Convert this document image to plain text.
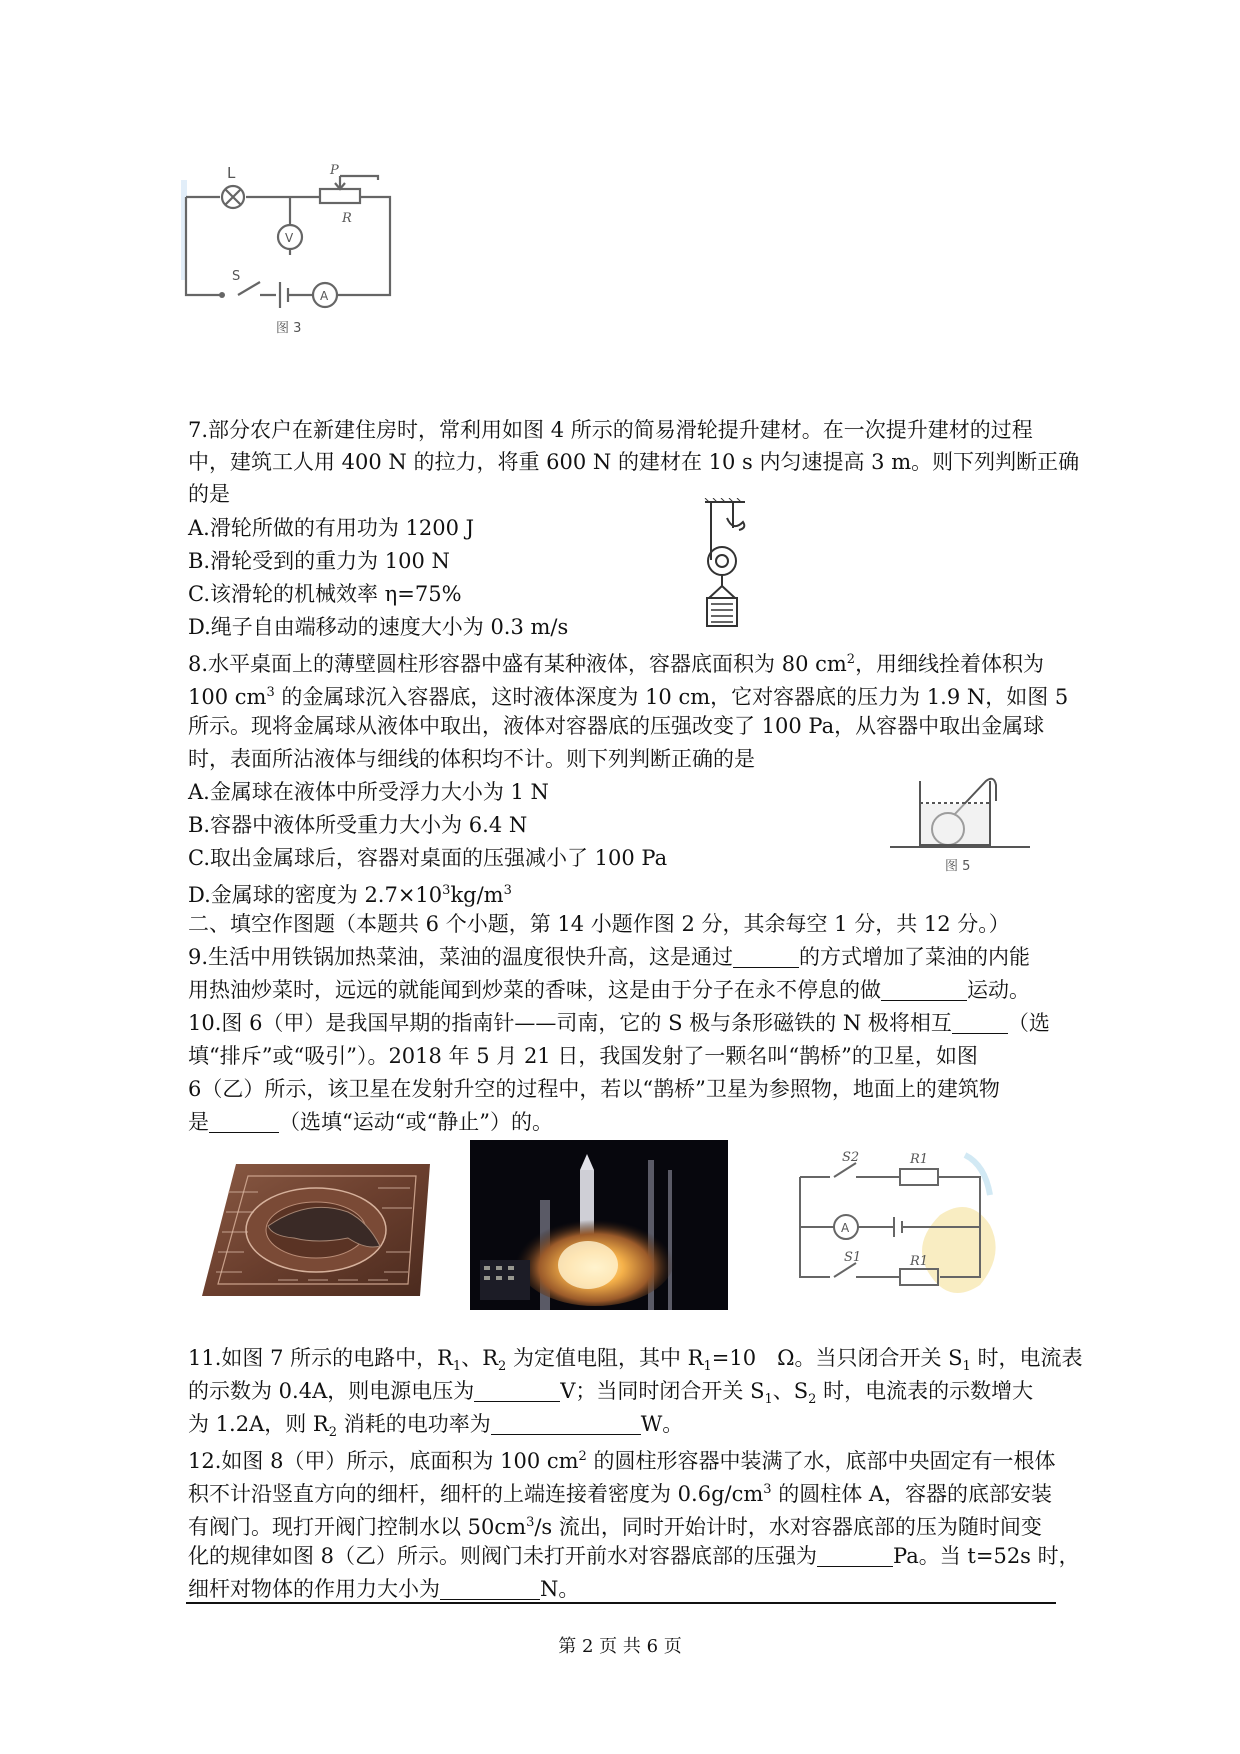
L	P
R
V
S
A
图 3
7.部分农户在新建住房时，常利用如图 4 所示的简易滑轮提升建材。在一次提升建材的过程
中，建筑工人用 400 N 的拉力，将重 600 N 的建材在 10 s 内匀速提高 3 m。则下列判断正确
的是
A.滑轮所做的有用功为 1200 J
B.滑轮受到的重力为 100 N
C.该滑轮的机械效率 η=75%
D.绳子自由端移动的速度大小为 0.3 m/s
8.水平桌面上的薄壁圆柱形容器中盛有某种液体，容器底面积为 80 $cm^2$，用细线拴着体积为
100 $cm^3$ 的金属球沉入容器底，这时液体深度为 10 cm，它对容器底的压力为 1.9 N，如图 5
所示。现将金属球从液体中取出，液体对容器底的压强改变了 100 Pa，从容器中取出金属球
时，表面所沾液体与细线的体积均不计。则下列判断正确的是
A.金属球在液体中所受浮力大小为 1 N
B.容器中液体所受重力大小为 6.4 N
C.取出金属球后，容器对桌面的压强减小了 100 Pa
D.金属球的密度为 $2.7\times 10^3kg/m^3$
图 5
二、填空作图题（本题共 6 个小题，第 14 小题作图 2 分，其余每空 1 分，共 12 分。）
9.生活中用铁锅加热菜油，菜油的温度很快升高，这是通过	的方式增加了菜油的内能
用热油炒菜时，远远的就能闻到炒菜的香味，这是由于分子在永不停息的做	运动。
10.图 6（甲）是我国早期的指南针——司南，它的 S 极与条形磁铁的 N 极将相互	（选
填“排斥”或“吸引”）。2018 年 5 月 21 日，我国发射了一颗名叫“鹊桥”的卫星，如图
6（乙）所示，该卫星在发射升空的过程中，若以“鹊桥”卫星为参照物，地面上的建筑物
是	（选填“运动“或“静止”）的。
S2	R1
A
S1	R1
11.如图 7 所示的电路中，$R_1$、$R_2$ 为定值电阻，其中 $R_1=10$　Ω。当只闭合开关 $S_1$ 时，电流表
的示数为 0.4A，则电源电压为	V；当同时闭合开关 $S_1$、$S_2$ 时，电流表的示数增大
为 1.2A，则 $R_2$ 消耗的电功率为	W。
12.如图 8（甲）所示，底面积为 100 $cm^2$ 的圆柱形容器中装满了水，底部中央固定有一根体
积不计沿竖直方向的细杆，细杆的上端连接着密度为 $0.6g/cm^3$ 的圆柱体 A，容器的底部安装
有阀门。现打开阀门控制水以 $50cm^3/s$ 流出，同时开始计时，水对容器底部的压为随时间变
化的规律如图 8（乙）所示。则阀门未打开前水对容器底部的压强为	Pa。当 t=52s 时，
细杆对物体的作用力大小为	N。
第 2 页 共 6 页
